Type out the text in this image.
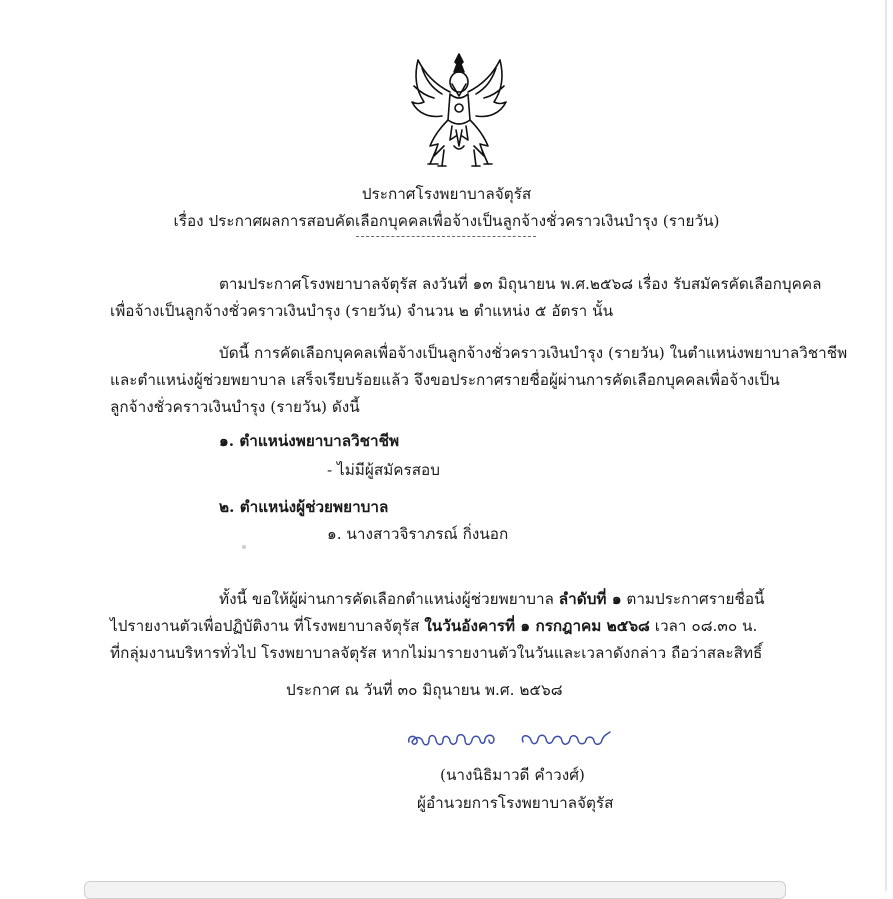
ประกาศโรงพยาบาลจัตุรัส
เรื่อง ประกาศผลการสอบคัดเลือกบุคคลเพื่อจ้างเป็นลูกจ้างชั่วคราวเงินบำรุง (รายวัน)
ตามประกาศโรงพยาบาลจัตุรัส ลงวันที่ ๑๓ มิถุนายน พ.ศ.๒๕๖๘ เรื่อง รับสมัครคัดเลือกบุคคล
เพื่อจ้างเป็นลูกจ้างชั่วคราวเงินบำรุง (รายวัน) จำนวน ๒ ตำแหน่ง ๕ อัตรา นั้น
บัดนี้ การคัดเลือกบุคคลเพื่อจ้างเป็นลูกจ้างชั่วคราวเงินบำรุง (รายวัน) ในตำแหน่งพยาบาลวิชาชีพ
และตำแหน่งผู้ช่วยพยาบาล เสร็จเรียบร้อยแล้ว จึงขอประกาศรายชื่อผู้ผ่านการคัดเลือกบุคคลเพื่อจ้างเป็น
ลูกจ้างชั่วคราวเงินบำรุง (รายวัน) ดังนี้
๑. ตำแหน่งพยาบาลวิชาชีพ
- ไม่มีผู้สมัครสอบ
๒. ตำแหน่งผู้ช่วยพยาบาล
๑. นางสาวจิราภรณ์ กิ่งนอก
ทั้งนี้ ขอให้ผู้ผ่านการคัดเลือกตำแหน่งผู้ช่วยพยาบาล ลำดับที่ ๑ ตามประกาศรายชื่อนี้
ไปรายงานตัวเพื่อปฏิบัติงาน ที่โรงพยาบาลจัตุรัส ในวันอังคารที่ ๑ กรกฎาคม ๒๕๖๘ เวลา ๐๘.๓๐ น.
ที่กลุ่มงานบริหารทั่วไป โรงพยาบาลจัตุรัส หากไม่มารายงานตัวในวันและเวลาดังกล่าว ถือว่าสละสิทธิ์
ประกาศ ณ วันที่ ๓๐ มิถุนายน พ.ศ. ๒๕๖๘
(นางนิธิมาวดี คำวงศ์)
ผู้อำนวยการโรงพยาบาลจัตุรัส
